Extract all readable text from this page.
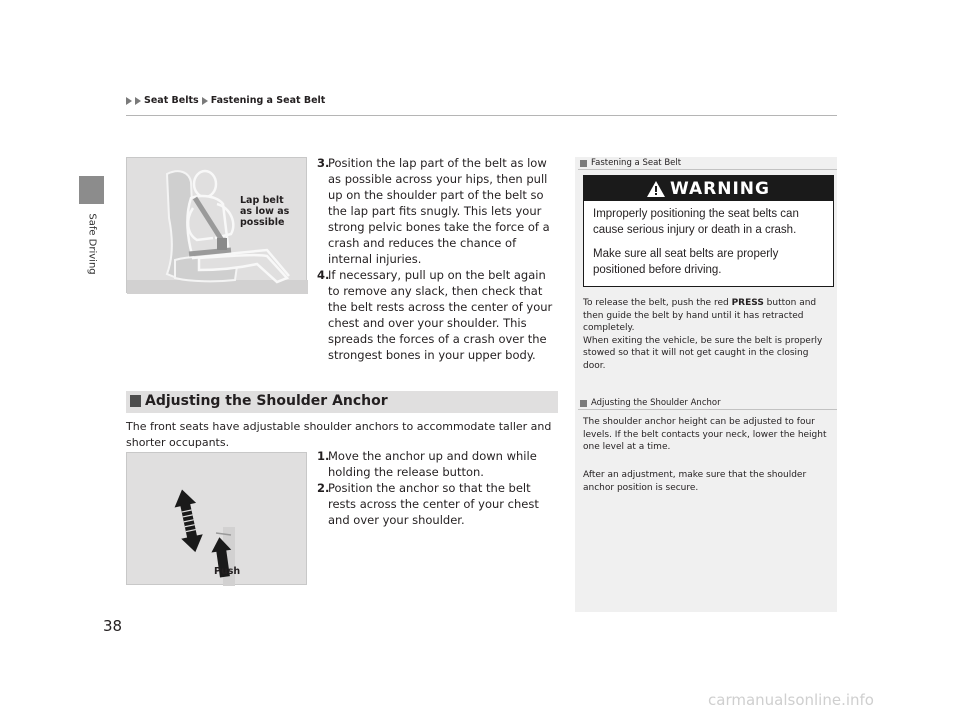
Safe Driving
Seat Belts Fastening a Seat Belt
Lap belt
as low as
possible
3.
Position the lap part of the belt as low as possible across your hips, then pull up on the shoulder part of the belt so the lap part fits snugly. This lets your strong pelvic bones take the force of a crash and reduces the chance of internal injuries.
4.
If necessary, pull up on the belt again to remove any slack, then check that the belt rests across the center of your chest and over your shoulder. This spreads the forces of a crash over the strongest bones in your upper body.
Adjusting the Shoulder Anchor
The front seats have adjustable shoulder anchors to accommodate taller and shorter occupants.
Push
1.
Move the anchor up and down while holding the release button.
2.
Position the anchor so that the belt rests across the center of your chest and over your shoulder.
Fastening a Seat Belt
WARNING
Improperly positioning the seat belts can cause serious injury or death in a crash.
Make sure all seat belts are properly positioned before driving.
To release the belt, push the red PRESS button and then guide the belt by hand until it has retracted completely.
When exiting the vehicle, be sure the belt is properly stowed so that it will not get caught in the closing door.
Adjusting the Shoulder Anchor
The shoulder anchor height can be adjusted to four levels. If the belt contacts your neck, lower the height one level at a time.
After an adjustment, make sure that the shoulder anchor position is secure.
38
carmanualsonline.info
